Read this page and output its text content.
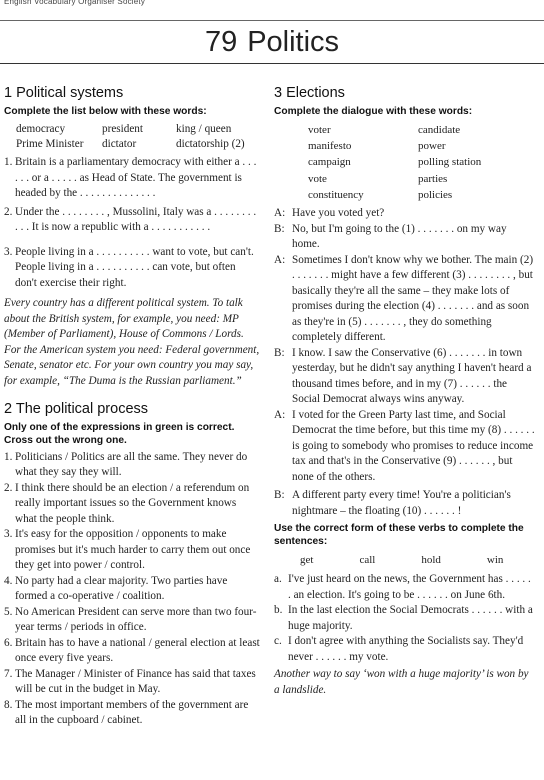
English Vocabulary Organiser Society
79 Politics
1 Political systems

Complete the list below with these words:

democracy	president	king / queen
Prime Minister	dictator	dictatorship (2)
1. Britain is a parliamentary democracy with either a . . . . . . or a . . . . . as Head of State. The government is headed by the . . . . . . . . . . . . . .
2. Under the . . . . . . . . , Mussolini, Italy was a . . . . . . . . . . . It is now a republic with a . . . . . . . . . . .
3. People living in a . . . . . . . . . . want to vote, but can't. People living in a . . . . . . . . . . can vote, but often don't exercise their right.

Every country has a different political system. To talk about the British system, for example, you need: MP (Member of Parliament), House of Commons / Lords. For the American system you need: Federal government, Senate, senator etc. For your own country you may say, for example, “The Duma is the Russian parliament.”

2 The political process

Only one of the expressions in green is correct. Cross out the wrong one.

1. Politicians / Politics are all the same. They never do what they say they will.
2. I think there should be an election / a referendum on really important issues so the Government knows what the people think.
3. It's easy for the opposition / opponents to make promises but it's much harder to carry them out once they get into power / control.
4. No party had a clear majority. Two parties have formed a co-operative / coalition.
5. No American President can serve more than two four-year terms / periods in office.
6. Britain has to have a national / general election at least once every five years.
7. The Manager / Minister of Finance has said that taxes will be cut in the budget in May.
8. The most important members of the government are all in the cupboard / cabinet.
3 Elections

Complete the dialogue with these words:

voter	candidate
manifesto	power
campaign	polling station
vote	parties
constituency	policies
A: Have you voted yet?
B: No, but I'm going to the (1) . . . . . . . on my way home.
A: Sometimes I don't know why we bother. The main (2) . . . . . . . might have a few different (3) . . . . . . . . , but basically they're all the same – they make lots of promises during the election (4) . . . . . . . and as soon as they're in (5) . . . . . . . , they do something completely different.
B: I know. I saw the Conservative (6) . . . . . . . in town yesterday, but he didn't say anything I haven't heard a thousand times before, and in my (7) . . . . . . the Social Democrat always wins anyway.
A: I voted for the Green Party last time, and Social Democrat the time before, but this time my (8) . . . . . . is going to somebody who promises to reduce income tax and that's in the Conservative (9) . . . . . . , but none of the others.
B: A different party every time! You're a politician's nightmare – the floating (10) . . . . . . !

Use the correct form of these verbs to complete the sentences:

get	call	hold	win
a. I've just heard on the news, the Government has . . . . . . an election. It's going to be . . . . . . on June 6th.
b. In the last election the Social Democrats . . . . . . with a huge majority.
c. I don't agree with anything the Socialists say. They'd never . . . . . . my vote.

Another way to say ‘won with a huge majority’ is won by a landslide.
